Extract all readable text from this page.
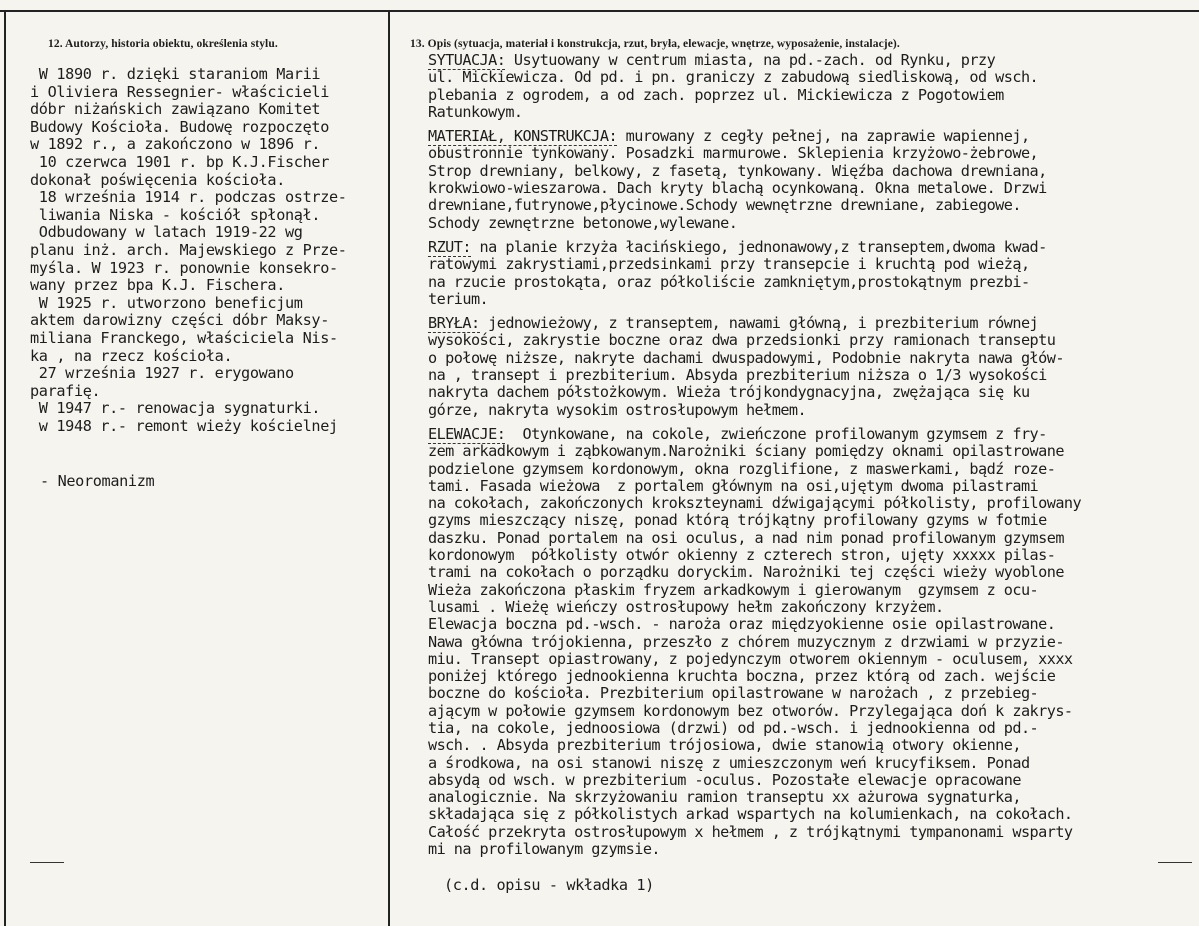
12. Autorzy, historia obiektu, określenia stylu.	13. Opis (sytuacja, materiał i konstrukcja, rzut, bryła, elewacje, wnętrze, wyposażenie, instalacje).
W 1890 r. dzięki staraniom Marii
i Oliviera Ressegnier- właścicieli
dóbr niżańskich zawiązano Komitet
Budowy Kościoła. Budowę rozpoczęto
w 1892 r., a zakończono w 1896 r.
10 czerwca 1901 r. bp K.J.Fischer
dokonał poświęcenia kościoła.
18 września 1914 r. podczas ostrze-
liwania Niska - kościół spłonął.
Odbudowany w latach 1919-22 wg
planu inż. arch. Majewskiego z Prze-
myśla. W 1923 r. ponownie konsekro-
wany przez bpa K.J. Fischera.
W 1925 r. utworzono beneficjum
aktem darowizny części dóbr Maksy-
miliana Franckego, właściciela Nis-
ka , na rzecz kościoła.
27 września 1927 r. erygowano
parafię.
W 1947 r.- renowacja sygnaturki.
w 1948 r.- remont wieży kościelnej
- Neoromanizm
SYTUACJA: Usytuowany w centrum miasta, na pd.-zach. od Rynku, przy
ul. Mickiewicza. Od pd. i pn. graniczy z zabudową siedliskową, od wsch.
plebania z ogrodem, a od zach. poprzez ul. Mickiewicza z Pogotowiem
Ratunkowym.
MATERIAŁ, KONSTRUKCJA: murowany z cegły pełnej, na zaprawie wapiennej,
obustronnie tynkowany. Posadzki marmurowe. Sklepienia krzyżowo-żebrowe,
Strop drewniany, belkowy, z fasetą, tynkowany. Więźba dachowa drewniana,
krokwiowo-wieszarowa. Dach kryty blachą ocynkowaną. Okna metalowe. Drzwi
drewniane,futrynowe,płycinowe.Schody wewnętrzne drewniane, zabiegowe.
Schody zewnętrzne betonowe,wylewane.
RZUT: na planie krzyża łacińskiego, jednonawowy,z transeptem,dwoma kwad-
ratowymi zakrystiami,przedsinkami przy transepcie i kruchtą pod wieżą,
na rzucie prostokąta, oraz półkoliście zamkniętym,prostokątnym prezbi-
terium.
BRYŁA: jednowieżowy, z transeptem, nawami główną, i prezbiterium równej
wysokości, zakrystie boczne oraz dwa przedsionki przy ramionach transeptu
o połowę niższe, nakryte dachami dwuspadowymi, Podobnie nakryta nawa głów-
na , transept i prezbiterium. Absyda prezbiterium niższa o 1/3 wysokości
nakryta dachem półstożkowym. Wieża trójkondygnacyjna, zwężająca się ku
górze, nakryta wysokim ostrosłupowym hełmem.
ELEWACJE:  Otynkowane, na cokole, zwieńczone profilowanym gzymsem z fry-
zem arkadkowym i ząbkowanym.Narożniki ściany pomiędzy oknami opilastrowane
podzielone gzymsem kordonowym, okna rozglifione, z maswerkami, bądź roze-
tami. Fasada wieżowa  z portalem głównym na osi,ujętym dwoma pilastrami
na cokołach, zakończonych krokszteynami dźwigającymi półkolisty, profilowany
gzyms mieszczący niszę, ponad którą trójkątny profilowany gzyms w fotmie
daszku. Ponad portalem na osi oculus, a nad nim ponad profilowanym gzymsem
kordonowym  półkolisty otwór okienny z czterech stron, ujęty xxxxx pilas-
trami na cokołach o porządku doryckim. Narożniki tej części wieży wyoblone
Wieża zakończona płaskim fryzem arkadkowym i gierowanym  gzymsem z ocu-
lusami . Wieżę wieńczy ostrosłupowy hełm zakończony krzyżem.
Elewacja boczna pd.-wsch. - naroża oraz międzyokienne osie opilastrowane.
Nawa główna trójokienna, przeszło z chórem muzycznym z drzwiami w przyzie-
miu. Transept opiastrowany, z pojedynczym otworem okiennym - oculusem, xxxx
poniżej którego jednookienna kruchta boczna, przez którą od zach. wejście
boczne do kościoła. Prezbiterium opilastrowane w narożach , z przebieg-
ającym w połowie gzymsem kordonowym bez otworów. Przylegająca doń k zakrys-
tia, na cokole, jednoosiowa (drzwi) od pd.-wsch. i jednookienna od pd.-
wsch. . Absyda prezbiterium trójosiowa, dwie stanowią otwory okienne,
a środkowa, na osi stanowi niszę z umieszczonym weń krucyfiksem. Ponad
absydą od wsch. w prezbiterium -oculus. Pozostałe elewacje opracowane
analogicznie. Na skrzyżowaniu ramion transeptu xx ażurowa sygnaturka,
składająca się z półkolistych arkad wspartych na kolumienkach, na cokołach.
Całość przekryta ostrosłupowym x hełmem , z trójkątnymi tympanonami wsparty
mi na profilowanym gzymsie.
(c.d. opisu - wkładka 1)
